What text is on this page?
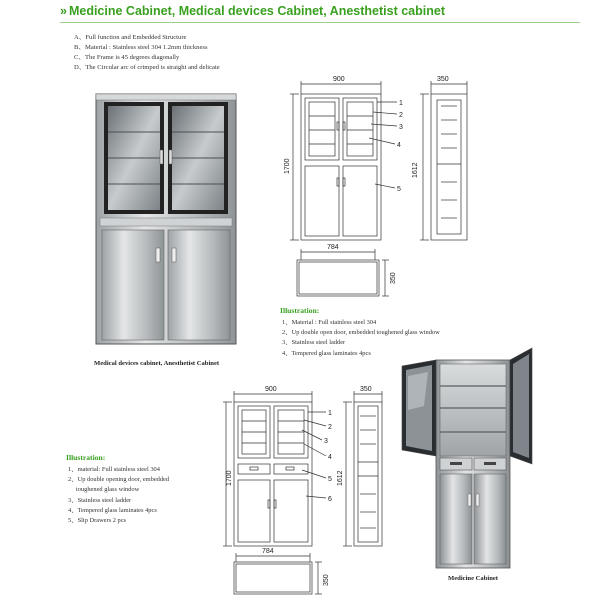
» Medicine Cabinet, Medical devices Cabinet, Anesthetist cabinet
A、Full function and Embedded Structure
B、Material : Stainless steel 304 1.2mm thickness
C、The Frame is 45 degrees diagonally
D、The Circular arc of crimped is straight and delicate
Medical devices cabinet, Anesthetist Cabinet
900
1700
350
1612
784
350
1
2
3
4
5
Illustration:
1、Material : Full stainless steel 304
2、Up double open door, embedded toughened glass window
3、Stainless steel ladder
4、Tempered glass laminates 4pcs
Illustration:
1、material: Full stainless steel 304
2、Up double opening door, embedded
toughened glass window
3、Stainless steel ladder
4、Tempered glass laminates 4pcs
5、Slip Drawers 2 pcs
900
1700
350
1612
784
350
1
2
3
4
5
6
Medicine Cabinet
